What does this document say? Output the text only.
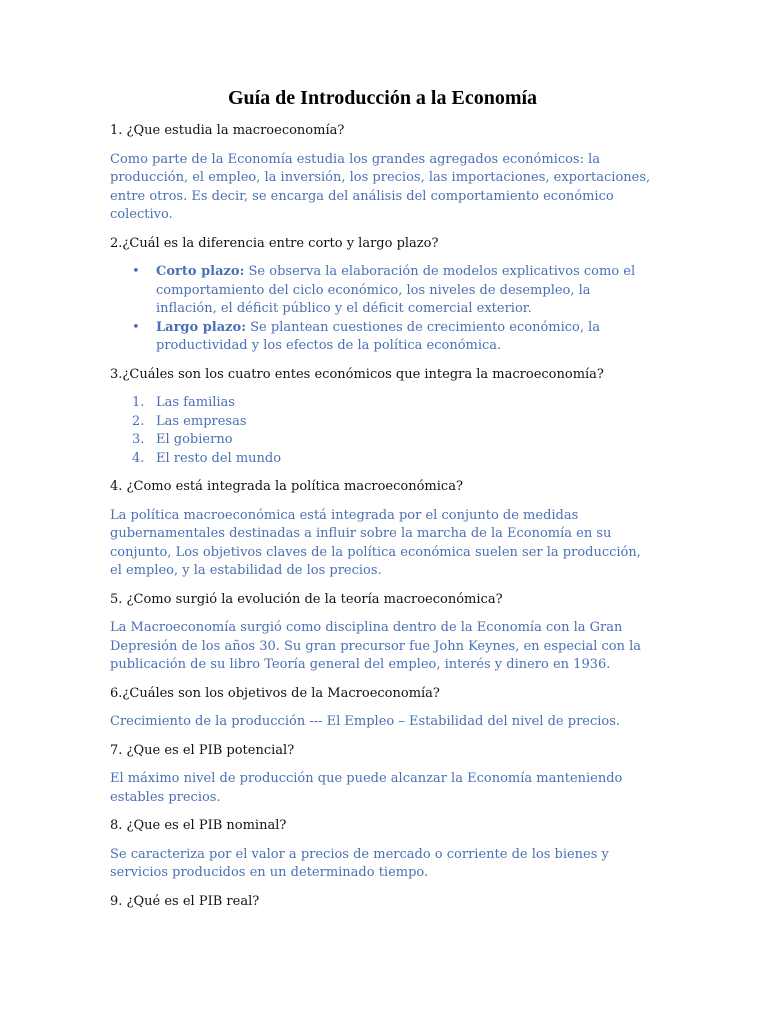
Guía de Introducción a la Economía

1. ¿Que estudia la macroeconomía?

Como parte de la Economía estudia los grandes agregados económicos: la producción, el empleo, la inversión, los precios, las importaciones, exportaciones, entre otros. Es decir, se encarga del análisis del comportamiento económico colectivo.

2.¿Cuál es la diferencia entre corto y largo plazo?

• Corto plazo: Se observa la elaboración de modelos explicativos como el comportamiento del ciclo económico, los niveles de desempleo, la inflación, el déficit público y el déficit comercial exterior.
• Largo plazo: Se plantean cuestiones de crecimiento económico, la productividad y los efectos de la política económica.

3.¿Cuáles son los cuatro entes económicos que integra la macroeconomía?

1. Las familias
2. Las empresas
3. El gobierno
4. El resto del mundo

4. ¿Como está integrada la política macroeconómica?

La política macroeconómica está integrada por el conjunto de medidas gubernamentales destinadas a influir sobre la marcha de la Economía en su conjunto, Los objetivos claves de la política económica suelen ser la producción, el empleo, y la estabilidad de los precios.

5. ¿Como surgió la evolución de la teoría macroeconómica?

La Macroeconomía surgió como disciplina dentro de la Economía con la Gran Depresión de los años 30. Su gran precursor fue John Keynes, en especial con la publicación de su libro Teoría general del empleo, interés y dinero en 1936.

6.¿Cuáles son los objetivos de la Macroeconomía?

Crecimiento de la producción --- El Empleo – Estabilidad del nivel de precios.

7. ¿Que es el PIB potencial?

El máximo nivel de producción que puede alcanzar la Economía manteniendo estables precios.

8. ¿Que es el PIB nominal?

Se caracteriza por el valor a precios de mercado o corriente de los bienes y servicios producidos en un determinado tiempo.

9. ¿Qué es el PIB real?
